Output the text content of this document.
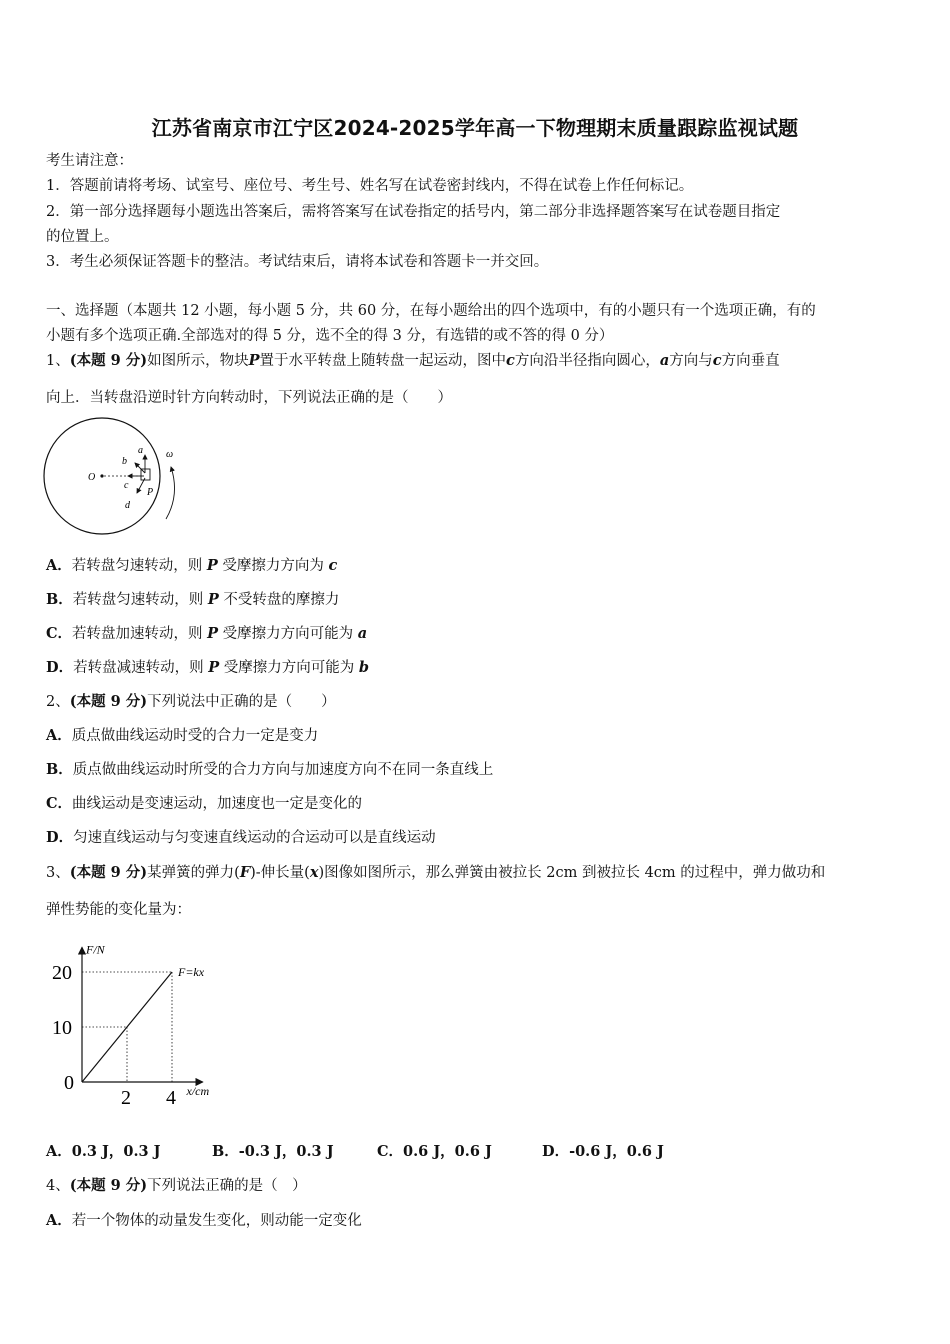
江苏省南京市江宁区2024-2025学年高一下物理期末质量跟踪监视试题
考生请注意：
1．答题前请将考场、试室号、座位号、考生号、姓名写在试卷密封线内，不得在试卷上作任何标记。
2．第一部分选择题每小题选出答案后，需将答案写在试卷指定的括号内，第二部分非选择题答案写在试卷题目指定
的位置上。
3．考生必须保证答题卡的整洁。考试结束后，请将本试卷和答题卡一并交回。
一、选择题（本题共 12 小题，每小题 5 分，共 60 分，在每小题给出的四个选项中，有的小题只有一个选项正确，有的
小题有多个选项正确.全部选对的得 5 分，选不全的得 3 分，有选错的或不答的得 0 分）
1、(本题 9 分)如图所示，物块P置于水平转盘上随转盘一起运动，图中c方向沿半径指向圆心，a方向与c方向垂直
向上．当转盘沿逆时针方向转动时，下列说法正确的是（　　）
O
a
b
c
d
P
ω
A．若转盘匀速转动，则 P 受摩擦力方向为 c
B．若转盘匀速转动，则 P 不受转盘的摩擦力
C．若转盘加速转动，则 P 受摩擦力方向可能为 a
D．若转盘减速转动，则 P 受摩擦力方向可能为 b
2、(本题 9 分)下列说法中正确的是（　　）
A．质点做曲线运动时受的合力一定是变力
B．质点做曲线运动时所受的合力方向与加速度方向不在同一条直线上
C．曲线运动是变速运动，加速度也一定是变化的
D．匀速直线运动与匀变速直线运动的合运动可以是直线运动
3、(本题 9 分)某弹簧的弹力(F)-伸长量(x)图像如图所示，那么弹簧由被拉长 2cm 到被拉长 4cm 的过程中，弹力做功和
弹性势能的变化量为：
F/N
x/cm
0
10
20
2 4
F=kx
A．0.3 J，0.3 J	B．-0.3 J，0.3 J	C．0.6 J，0.6 J	D．-0.6 J，0.6 J
4、(本题 9 分)下列说法正确的是（　）
A．若一个物体的动量发生变化，则动能一定变化
